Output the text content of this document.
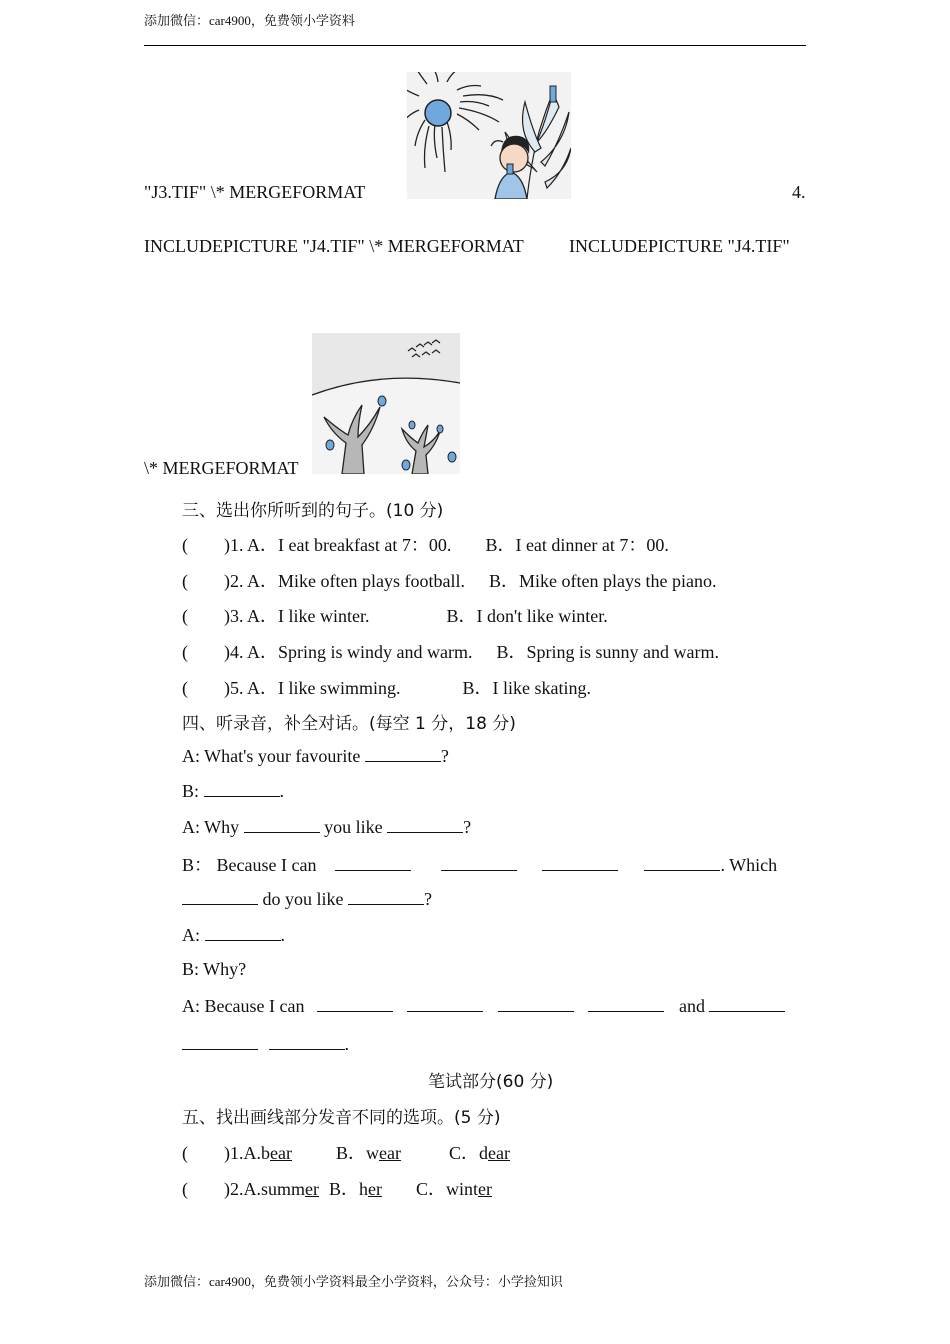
添加微信：car4900，免费领小学资料
"J3.TIF" \* MERGEFORMAT	4.
INCLUDEPICTURE "J4.TIF" \* MERGEFORMAT	INCLUDEPICTURE "J4.TIF"
\* MERGEFORMAT
三、选出你所听到的句子。(10 分)
( )1. A．I eat breakfast at 7：00. B．I eat dinner at 7：00.
( )2. A．Mike often plays football. B．Mike often plays the piano.
( )3. A．I like winter.	B．I don't like winter.
( )4. A．Spring is windy and warm. B．Spring is sunny and warm.
( )5. A．I like swimming.	B．I like skating.
四、听录音，补全对话。(每空 1 分，18 分)
A: What's your favourite	?
B:	.
A: Why	you like	?
B： Because I can	. Which
do you like	?
A:	.
B: Why?
A: Because I can	and
.
笔试部分(60 分)
五、找出画线部分发音不同的选项。(5 分)
( )1.A.bear B．wear	C．dear
( )2.A.summer B．her C．winter
添加微信：car4900，免费领小学资料最全小学资料，公众号：小学捡知识
